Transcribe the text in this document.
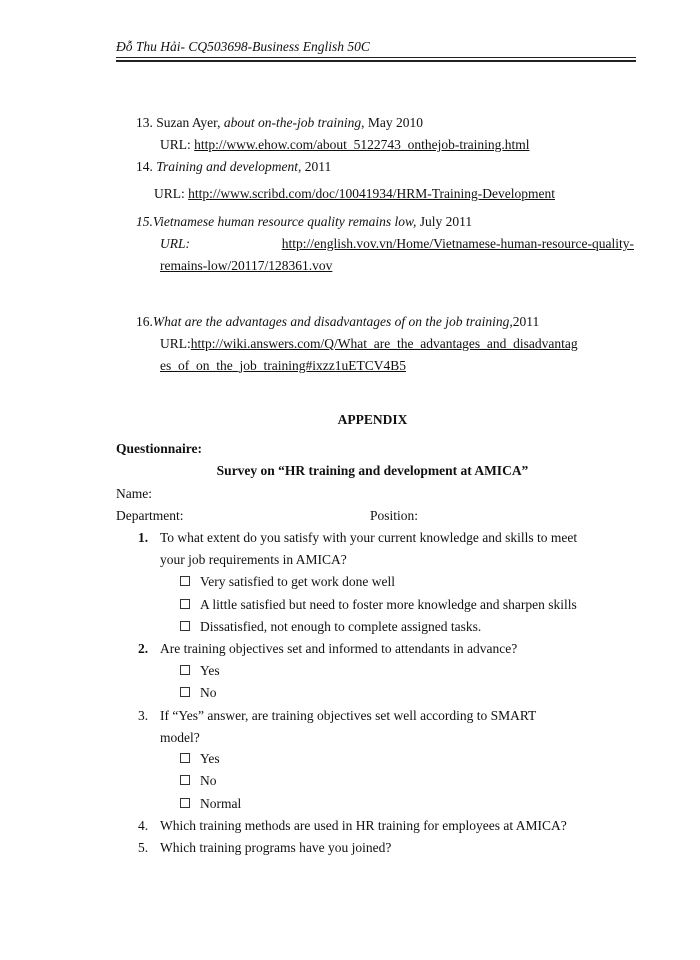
Đỗ Thu Hải- CQ503698-Business English 50C
13. Suzan Ayer, about on-the-job training, May 2010
URL: http://www.ehow.com/about_5122743_onthejob-training.html
14. Training and development, 2011
URL: http://www.scribd.com/doc/10041934/HRM-Training-Development
15.Vietnamese human resource quality remains low, July 2011
URL:	http://english.vov.vn/Home/Vietnamese-human-resource-quality-
remains-low/20117/128361.vov
16.What are the advantages and disadvantages of on the job training,2011
URL:http://wiki.answers.com/Q/What_are_the_advantages_and_disadvantag
es_of_on_the_job_training#ixzz1uETCV4B5
APPENDIX
Questionnaire:
Survey on “HR training and development at AMICA”
Name:
Department:	Position:
1. To what extent do you satisfy with your current knowledge and skills to meet
your job requirements in AMICA?
Very satisfied to get work done well
A little satisfied but need to foster more knowledge and sharpen skills
Dissatisfied, not enough to complete assigned tasks.
2. Are training objectives set and informed to attendants in advance?
Yes
No
3. If “Yes” answer, are training objectives set well according to SMART
model?
Yes
No
Normal
4. Which training methods are used in HR training for employees at AMICA?
5. Which training programs have you joined?
